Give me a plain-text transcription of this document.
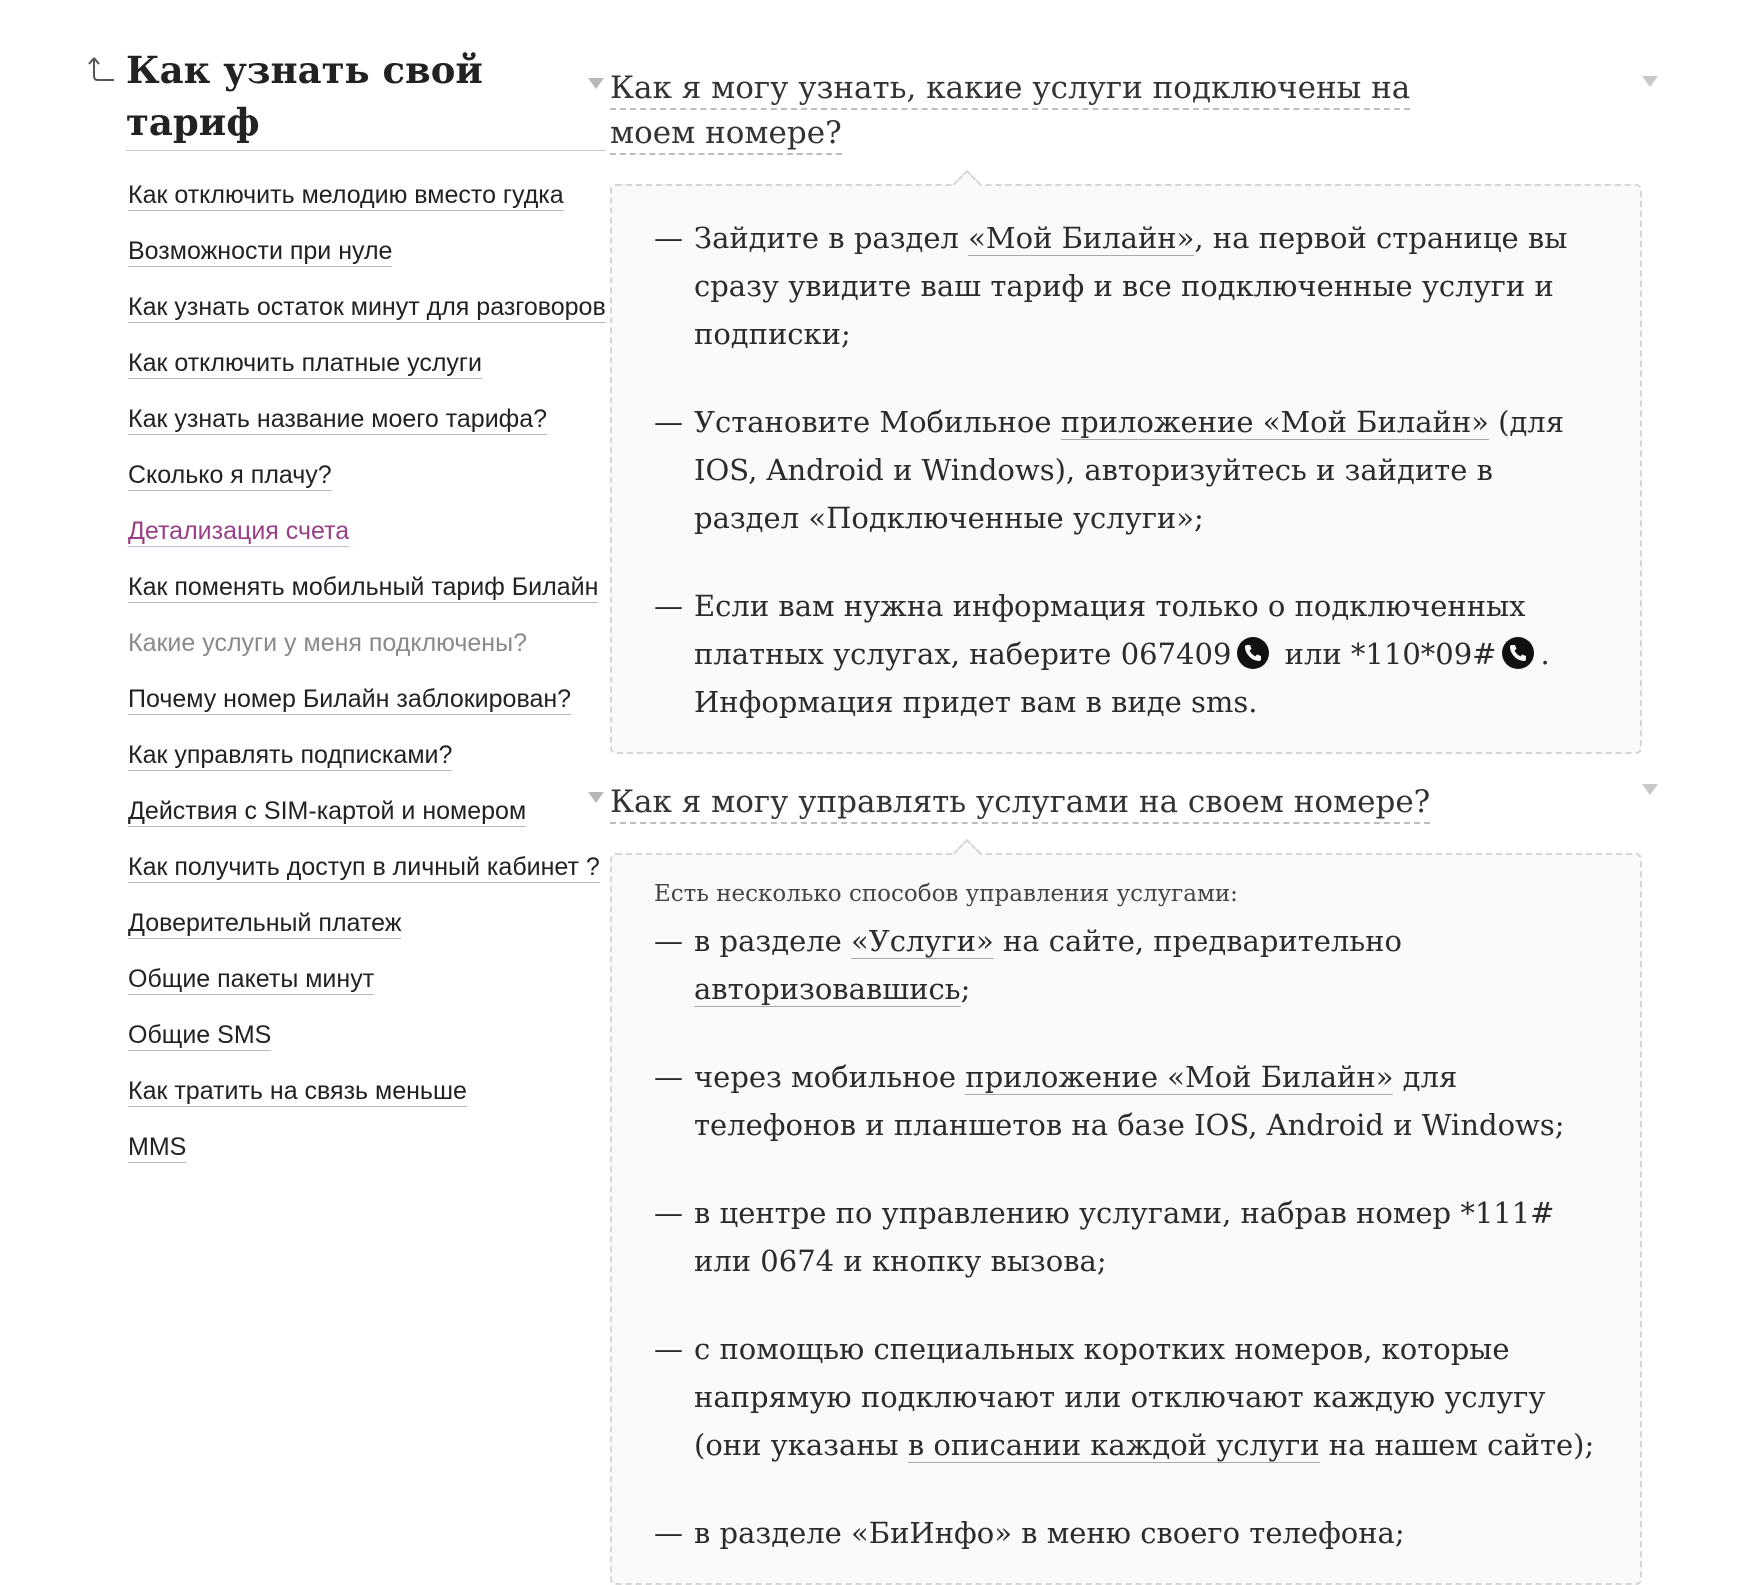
Как узнать свой тариф
Как отключить мелодию вместо гудка
Возможности при нуле
Как узнать остаток минут для разговоров
Как отключить платные услуги
Как узнать название моего тарифа?
Сколько я плачу?
Детализация счета
Как поменять мобильный тариф Билайн
Какие услуги у меня подключены?
Почему номер Билайн заблокирован?
Как управлять подписками?
Действия с SIM-картой и номером
Как получить доступ в личный кабинет ?
Доверительный платеж
Общие пакеты минут
Общие SMS
Как тратить на связь меньше
MMS
Как я могу узнать, какие услуги подключены на моем номере?
— Зайдите в раздел «Мой Билайн», на первой странице вы сразу увидите ваш тариф и все подключенные услуги и подписки;
— Установите Мобильное приложение «Мой Билайн» (для IOS, Android и Windows), авторизуйтесь и зайдите в раздел «Подключенные услуги»;
— Если вам нужна информация только о подключенных платных услугах, наберите 067409
или *110*09# . Информация придет вам в виде sms.
Как я могу управлять услугами на своем номере?
Есть несколько способов управления услугами:
— в разделе «Услуги» на сайте, предварительно авторизовавшись;
— через мобильное приложение «Мой Билайн» для телефонов и планшетов на базе IOS, Android и Windows;
— в центре по управлению услугами, набрав номер *111# или 0674 и кнопку вызова;
— с помощью специальных коротких номеров, которые напрямую подключают или отключают каждую услугу (они указаны в описании каждой услуги на нашем сайте);
— в разделе «БиИнфо» в меню своего телефона;
